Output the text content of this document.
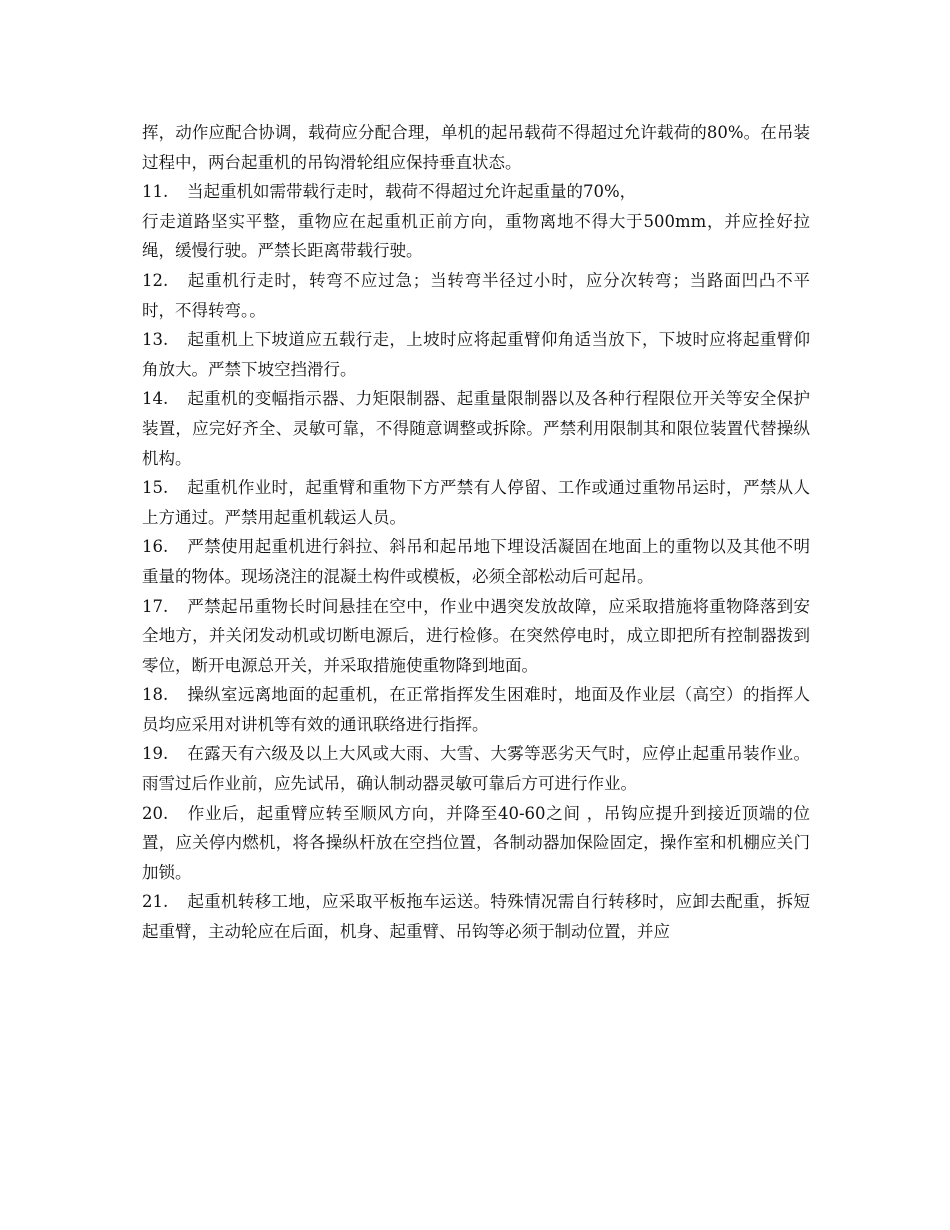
挥，动作应配合协调，载荷应分配合理，单机的起吊载荷不得超过允许载荷的80%。在吊装过程中，两台起重机的吊钩滑轮组应保持垂直状态。

11. 当起重机如需带载行走时，载荷不得超过允许起重量的70%，

行走道路坚实平整，重物应在起重机正前方向，重物离地不得大于500mm，并应拴好拉绳，缓慢行驶。严禁长距离带载行驶。

12. 起重机行走时，转弯不应过急；当转弯半径过小时，应分次转弯；当路面凹凸不平时，不得转弯。。

13. 起重机上下坡道应五载行走，上坡时应将起重臂仰角适当放下，下坡时应将起重臂仰角放大。严禁下坡空挡滑行。

14. 起重机的变幅指示器、力矩限制器、起重量限制器以及各种行程限位开关等安全保护装置，应完好齐全、灵敏可靠，不得随意调整或拆除。严禁利用限制其和限位装置代替操纵机构。

15. 起重机作业时，起重臂和重物下方严禁有人停留、工作或通过重物吊运时，严禁从人上方通过。严禁用起重机载运人员。

16. 严禁使用起重机进行斜拉、斜吊和起吊地下埋设活凝固在地面上的重物以及其他不明重量的物体。现场浇注的混凝土构件或模板，必须全部松动后可起吊。

17. 严禁起吊重物长时间悬挂在空中，作业中遇突发放故障，应采取措施将重物降落到安全地方，并关闭发动机或切断电源后，进行检修。在突然停电时，成立即把所有控制器拨到零位，断开电源总开关，并采取措施使重物降到地面。

18. 操纵室远离地面的起重机，在正常指挥发生困难时，地面及作业层（高空）的指挥人员均应采用对讲机等有效的通讯联络进行指挥。

19. 在露天有六级及以上大风或大雨、大雪、大雾等恶劣天气时，应停止起重吊装作业。雨雪过后作业前，应先试吊，确认制动器灵敏可靠后方可进行作业。

20. 作业后，起重臂应转至顺风方向，并降至40-60之间 ，吊钩应提升到接近顶端的位置，应关停内燃机，将各操纵杆放在空挡位置，各制动器加保险固定，操作室和机棚应关门加锁。

21. 起重机转移工地，应采取平板拖车运送。特殊情况需自行转移时，应卸去配重，拆短起重臂，主动轮应在后面，机身、起重臂、吊钩等必须于制动位置，并应
